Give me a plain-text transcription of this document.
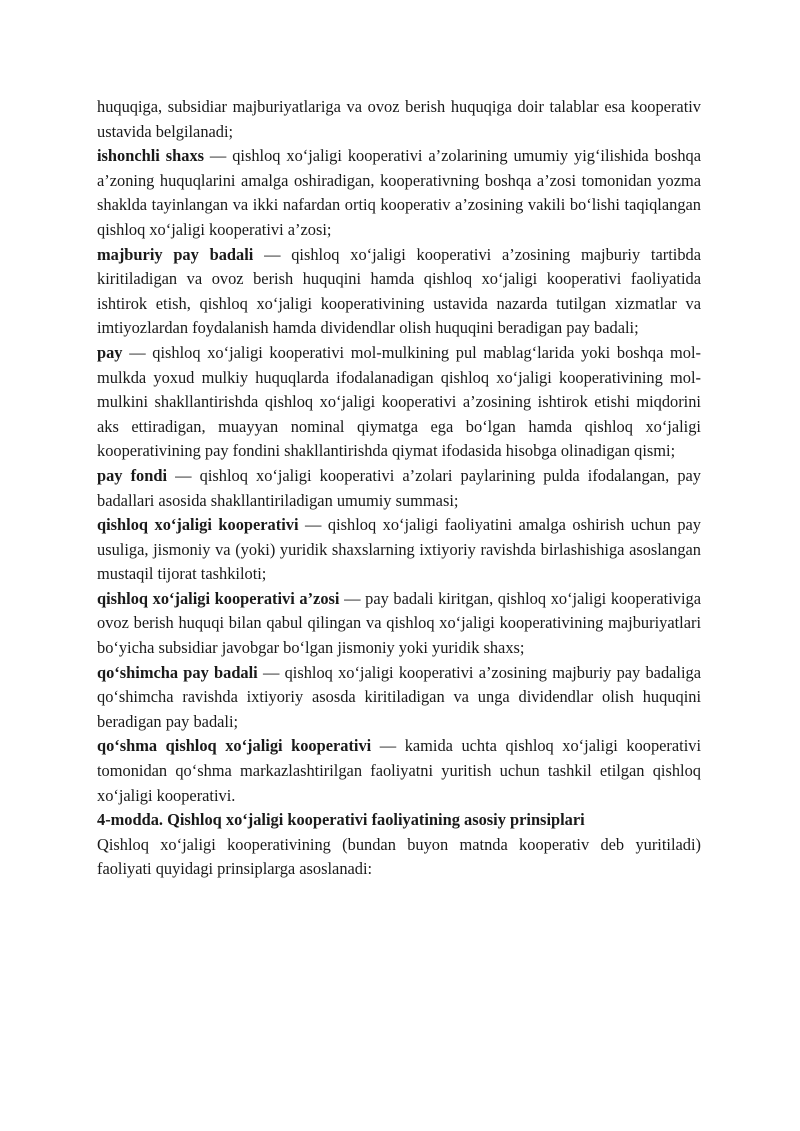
huquqiga, subsidiar majburiyatlariga va ovoz berish huquqiga doir talablar esa kooperativ ustavida belgilanadi;

ishonchli shaxs — qishloq xo‘jaligi kooperativi a’zolarining umumiy yig‘ilishida boshqa a’zoning huquqlarini amalga oshiradigan, kooperativning boshqa a’zosi tomonidan yozma shaklda tayinlangan va ikki nafardan ortiq kooperativ a’zosining vakili bo‘lishi taqiqlangan qishloq xo‘jaligi kooperativi a’zosi;

majburiy pay badali — qishloq xo‘jaligi kooperativi a’zosining majburiy tartibda kiritiladigan va ovoz berish huquqini hamda qishloq xo‘jaligi kooperativi faoliyatida ishtirok etish, qishloq xo‘jaligi kooperativining ustavida nazarda tutilgan xizmatlar va imtiyozlardan foydalanish hamda dividendlar olish huquqini beradigan pay badali;

pay — qishloq xo‘jaligi kooperativi mol-mulkining pul mablag‘larida yoki boshqa mol-mulkda yoxud mulkiy huquqlarda ifodalanadigan qishloq xo‘jaligi kooperativining mol-mulkini shakllantirishda qishloq xo‘jaligi kooperativi a’zosining ishtirok etishi miqdorini aks ettiradigan, muayyan nominal qiymatga ega bo‘lgan hamda qishloq xo‘jaligi kooperativining pay fondini shakllantirishda qiymat ifodasida hisobga olinadigan qismi;

pay fondi — qishloq xo‘jaligi kooperativi a’zolari paylarining pulda ifodalangan, pay badallari asosida shakllantiriladigan umumiy summasi;

qishloq xo‘jaligi kooperativi — qishloq xo‘jaligi faoliyatini amalga oshirish uchun pay usuliga, jismoniy va (yoki) yuridik shaxslarning ixtiyoriy ravishda birlashishiga asoslangan mustaqil tijorat tashkiloti;

qishloq xo‘jaligi kooperativi a’zosi — pay badali kiritgan, qishloq xo‘jaligi kooperativiga ovoz berish huquqi bilan qabul qilingan va qishloq xo‘jaligi kooperativining majburiyatlari bo‘yicha subsidiar javobgar bo‘lgan jismoniy yoki yuridik shaxs;

qo‘shimcha pay badali — qishloq xo‘jaligi kooperativi a’zosining majburiy pay badaliga qo‘shimcha ravishda ixtiyoriy asosda kiritiladigan va unga dividendlar olish huquqini beradigan pay badali;

qo‘shma qishloq xo‘jaligi kooperativi — kamida uchta qishloq xo‘jaligi kooperativi tomonidan qo‘shma markazlashtirilgan faoliyatni yuritish uchun tashkil etilgan qishloq xo‘jaligi kooperativi.

4-modda. Qishloq xo‘jaligi kooperativi faoliyatining asosiy prinsiplari

Qishloq xo‘jaligi kooperativining (bundan buyon matnda kooperativ deb yuritiladi) faoliyati quyidagi prinsiplarga asoslanadi:
